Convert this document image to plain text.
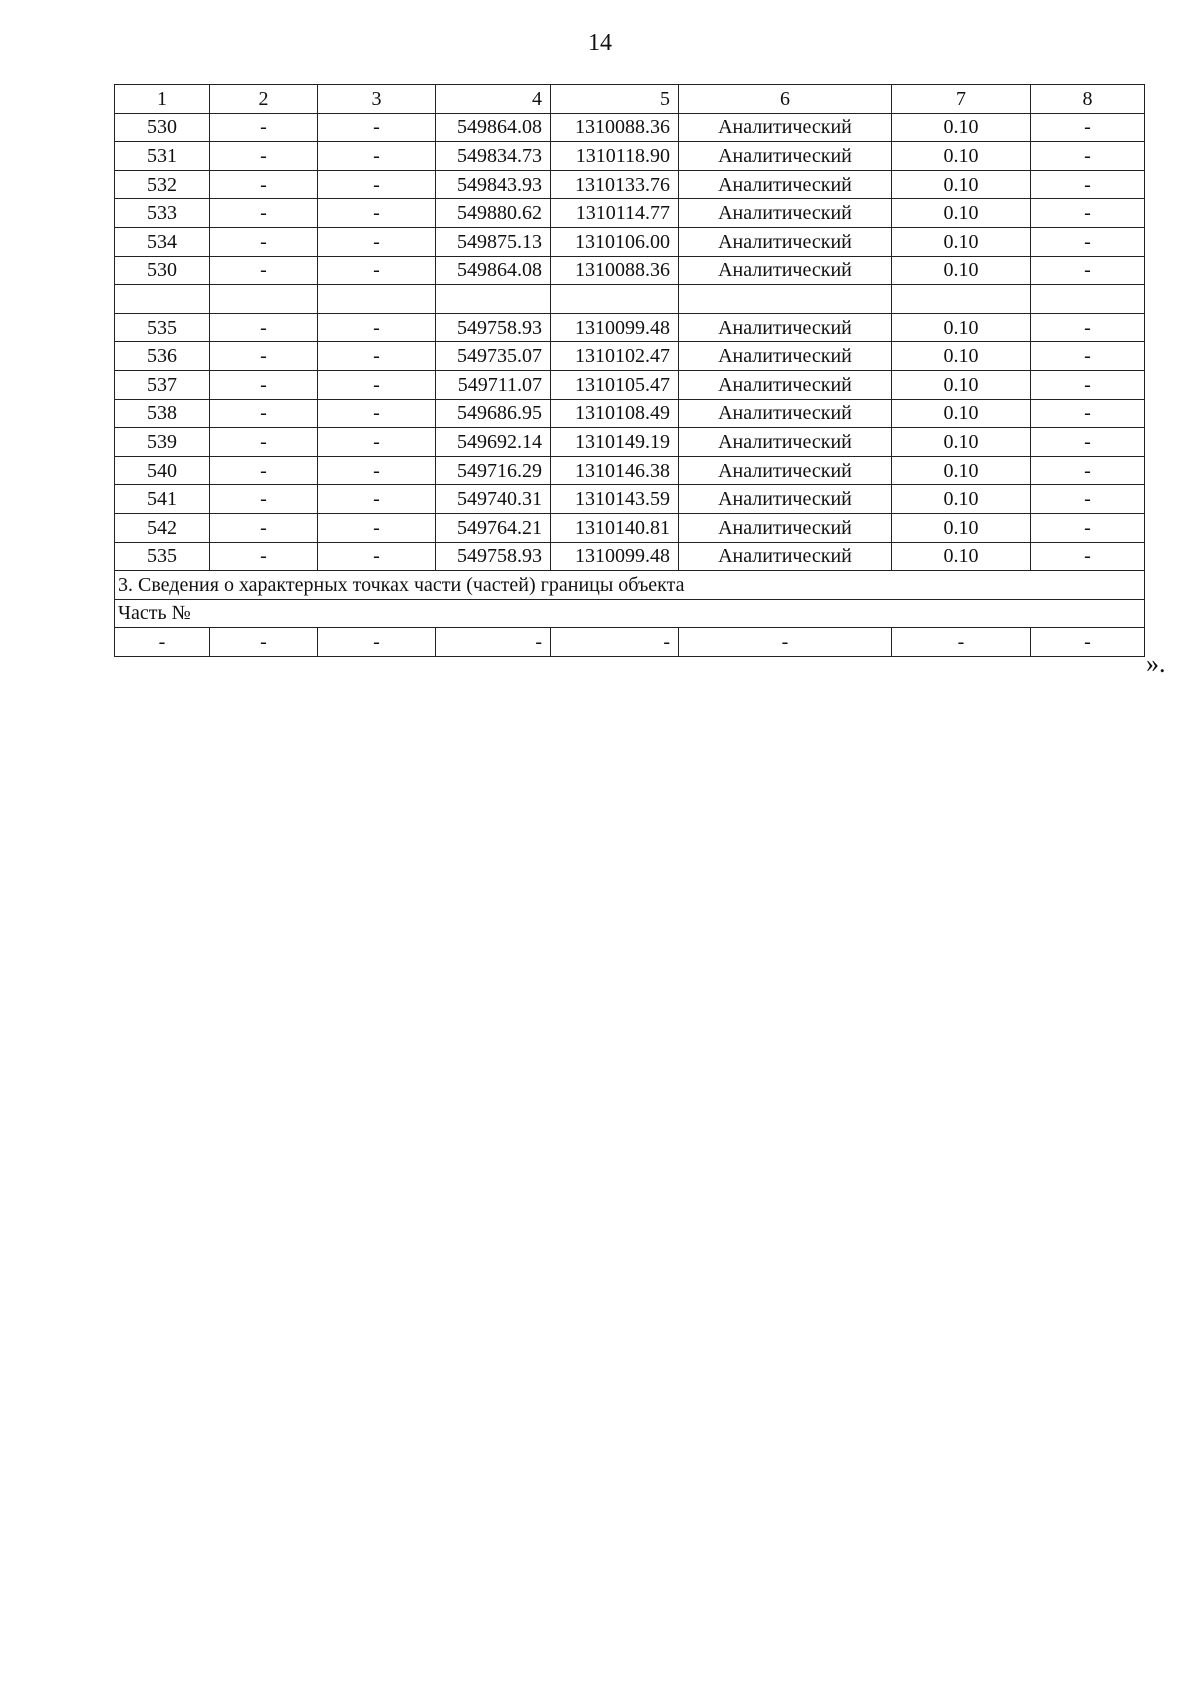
14
1	2	3	4	5	6	7	8
530	-	-	549864.08	1310088.36	Аналитический	0.10	-
531	-	-	549834.73	1310118.90	Аналитический	0.10	-
532	-	-	549843.93	1310133.76	Аналитический	0.10	-
533	-	-	549880.62	1310114.77	Аналитический	0.10	-
534	-	-	549875.13	1310106.00	Аналитический	0.10	-
530	-	-	549864.08	1310088.36	Аналитический	0.10	-

535	-	-	549758.93	1310099.48	Аналитический	0.10	-
536	-	-	549735.07	1310102.47	Аналитический	0.10	-
537	-	-	549711.07	1310105.47	Аналитический	0.10	-
538	-	-	549686.95	1310108.49	Аналитический	0.10	-
539	-	-	549692.14	1310149.19	Аналитический	0.10	-
540	-	-	549716.29	1310146.38	Аналитический	0.10	-
541	-	-	549740.31	1310143.59	Аналитический	0.10	-
542	-	-	549764.21	1310140.81	Аналитический	0.10	-
535	-	-	549758.93	1310099.48	Аналитический	0.10	-
3. Сведения о характерных точках части (частей) границы объекта							
Часть №							
-	-	-	-	-	-	-	-
».
